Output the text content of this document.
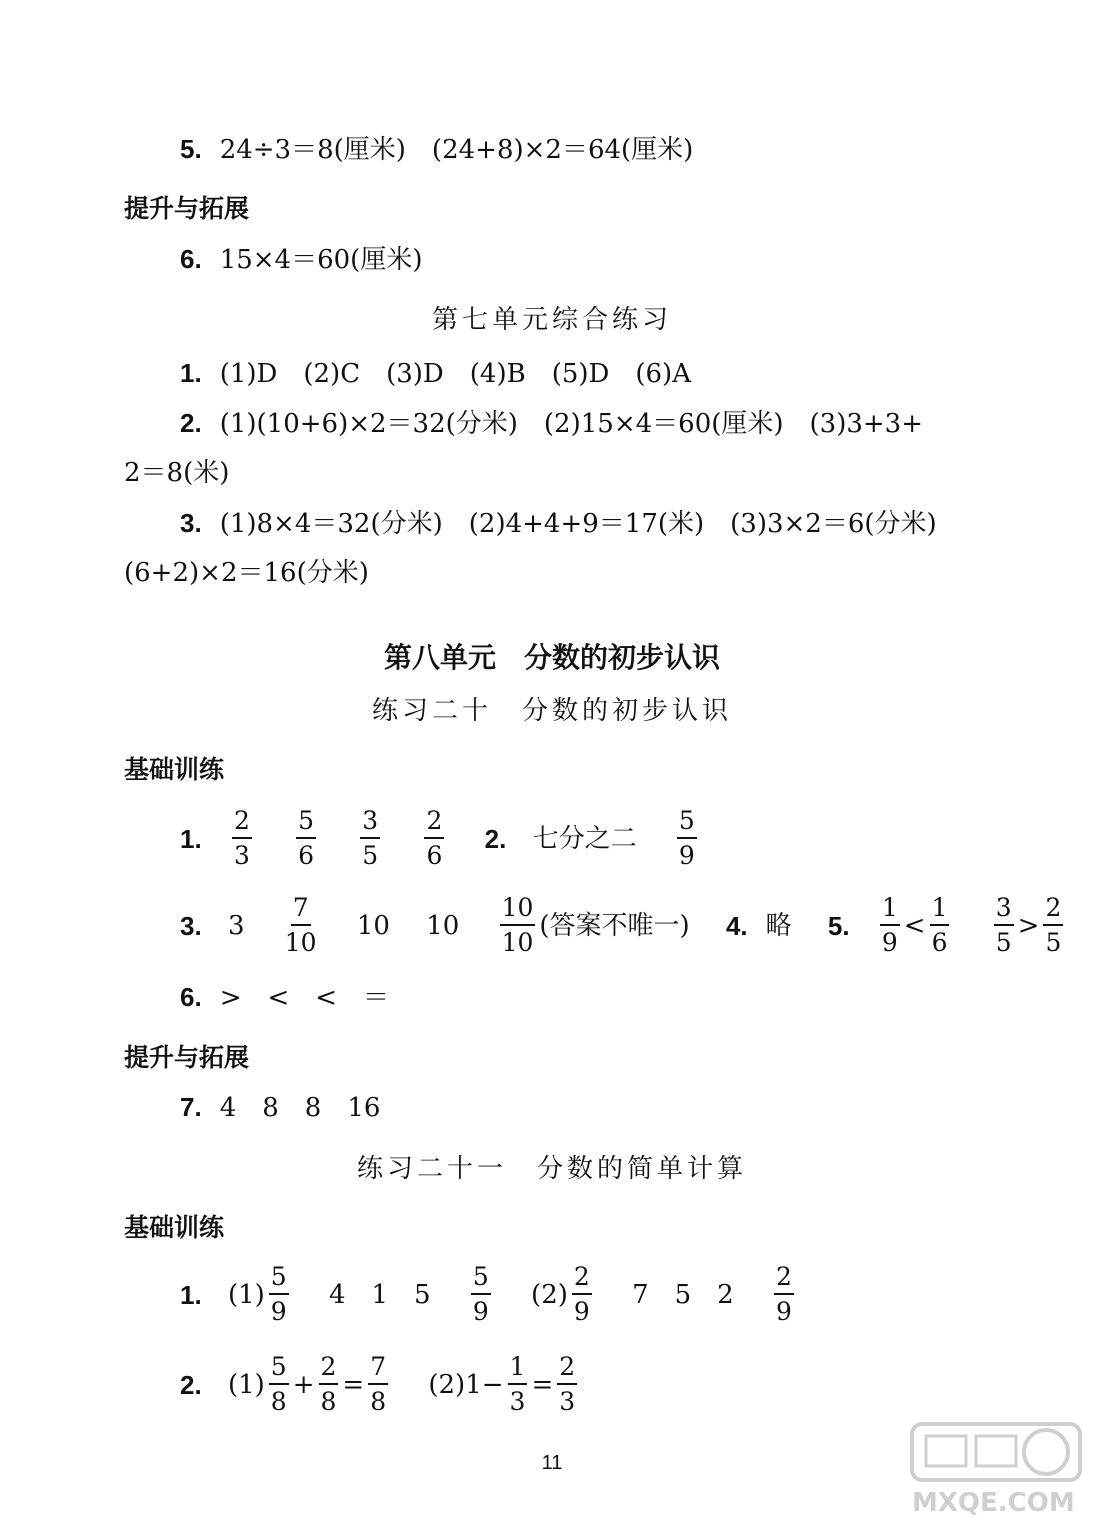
5. 24÷3＝8(厘米)　(24+8)×2＝64(厘米)
提升与拓展
6. 15×4＝60(厘米)
第七单元综合练习
1. (1)D　(2)C　(3)D　(4)B　(5)D　(6)A
2. (1)(10+6)×2＝32(分米)　(2)15×4＝60(厘米)　(3)3+3+
2＝8(米)
3. (1)8×4＝32(分米)　(2)4+4+9＝17(米)　(3)3×2＝6(分米)
(6+2)×2＝16(分米)
第八单元　分数的初步认识
练习二十　分数的初步认识
基础训练
1. $\frac{2}{3}$
$\frac{5}{6}$
$\frac{3}{5}$
$\frac{2}{6} 2$. 七分之二 $\frac{5}{9}$
3. $3 \frac{7}{10} 10$ $10 \frac{10}{10}$ (答案不唯一) 4. 略 5. $\frac{1}{9} < \frac{1}{6}$
$\frac{3}{5} > \frac{2}{5}$
6. >　<　<　＝
提升与拓展
7. 4　8　8　16
练习二十一　分数的简单计算
基础训练
1. $(1) \frac{5}{9} 4$　1　$5 \frac{5}{9} (2) \frac{2}{9} 7$　5　$2 \frac{2}{9}$
2. $(1) \frac{5}{8} + \frac{2}{8} = \frac{7}{8} (2)1- \frac{1}{3} = \frac{2}{3}$
11
MXQE.COM
